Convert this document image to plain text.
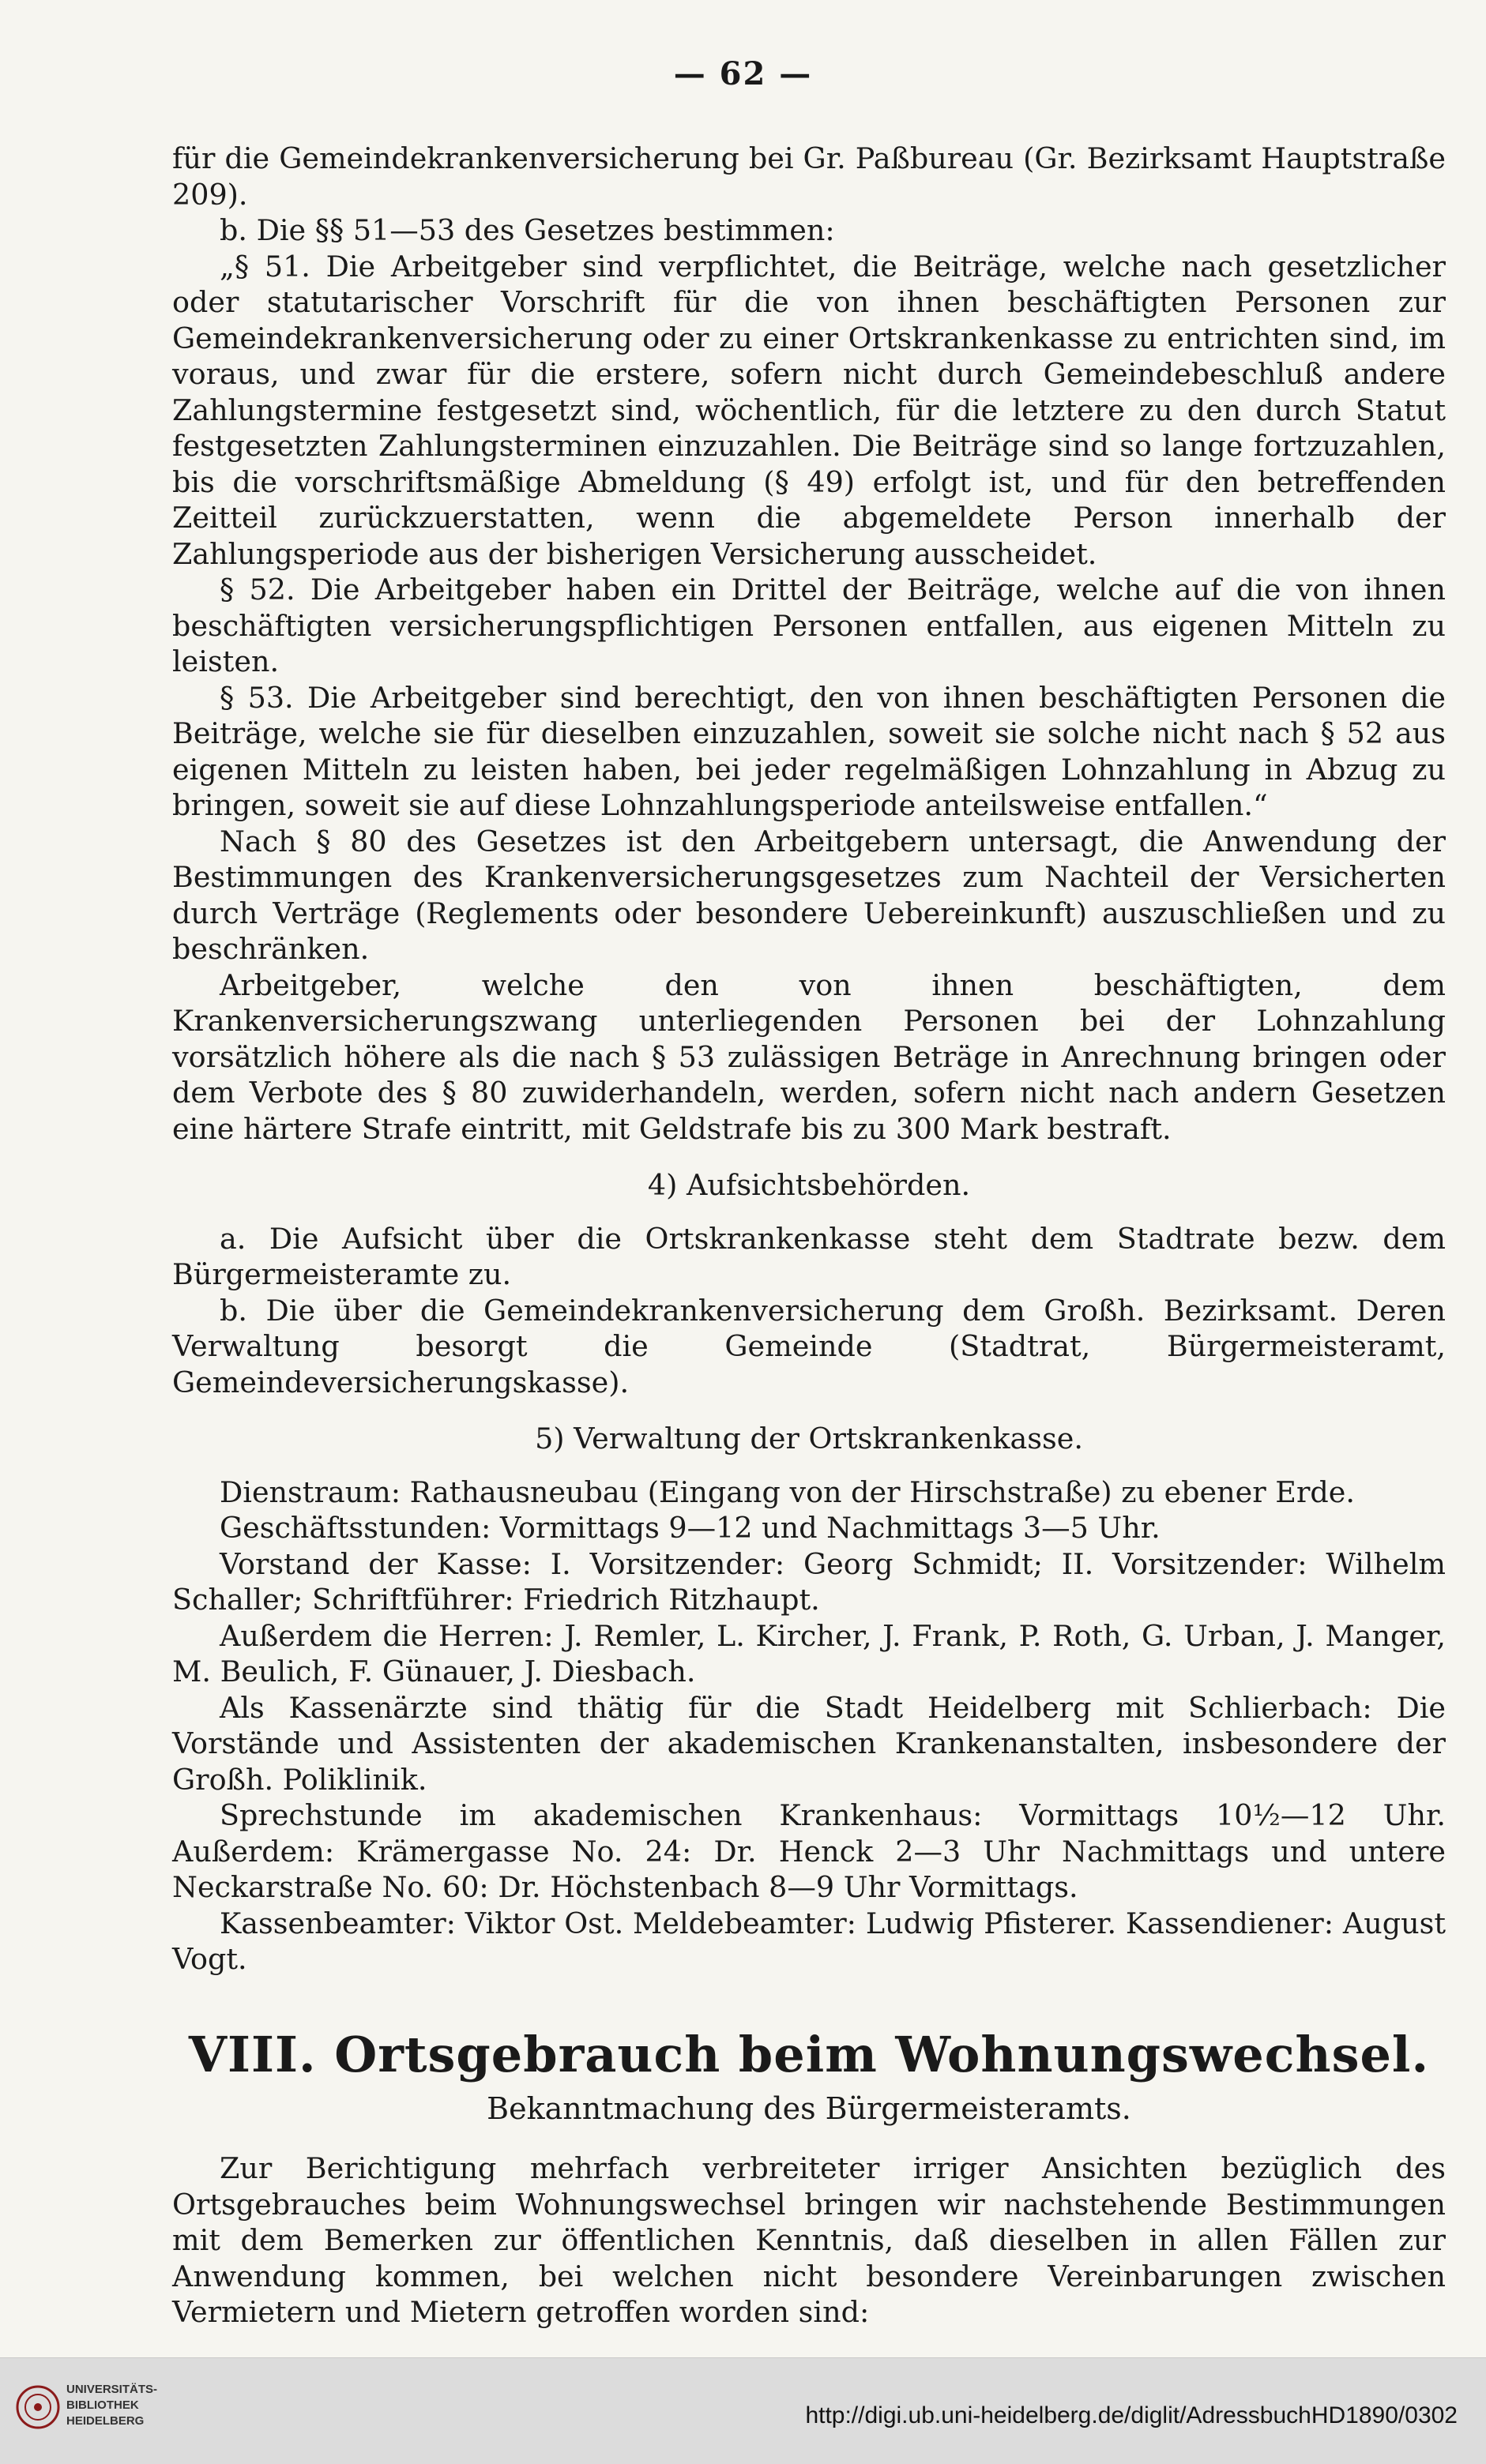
— 62 —

für die Gemeindekrankenversicherung bei Gr. Paßbureau (Gr. Bezirksamt Hauptstraße 209).

b. Die §§ 51—53 des Gesetzes bestimmen:

„§ 51. Die Arbeitgeber sind verpflichtet, die Beiträge, welche nach gesetzlicher oder statutarischer Vorschrift für die von ihnen beschäftigten Personen zur Gemeindekrankenversicherung oder zu einer Ortskrankenkasse zu entrichten sind, im voraus, und zwar für die erstere, sofern nicht durch Gemeindebeschluß andere Zahlungstermine festgesetzt sind, wöchentlich, für die letztere zu den durch Statut festgesetzten Zahlungsterminen einzuzahlen. Die Beiträge sind so lange fortzuzahlen, bis die vorschriftsmäßige Abmeldung (§ 49) erfolgt ist, und für den betreffenden Zeitteil zurückzuerstatten, wenn die abgemeldete Person innerhalb der Zahlungsperiode aus der bisherigen Versicherung ausscheidet.

§ 52. Die Arbeitgeber haben ein Drittel der Beiträge, welche auf die von ihnen beschäftigten versicherungspflichtigen Personen entfallen, aus eigenen Mitteln zu leisten.

§ 53. Die Arbeitgeber sind berechtigt, den von ihnen beschäftigten Personen die Beiträge, welche sie für dieselben einzuzahlen, soweit sie solche nicht nach § 52 aus eigenen Mitteln zu leisten haben, bei jeder regelmäßigen Lohnzahlung in Abzug zu bringen, soweit sie auf diese Lohnzahlungsperiode anteilsweise entfallen.“

Nach § 80 des Gesetzes ist den Arbeitgebern untersagt, die Anwendung der Bestimmungen des Krankenversicherungsgesetzes zum Nachteil der Versicherten durch Verträge (Reglements oder besondere Uebereinkunft) auszuschließen und zu beschränken.

Arbeitgeber, welche den von ihnen beschäftigten, dem Krankenversicherungszwang unterliegenden Personen bei der Lohnzahlung vorsätzlich höhere als die nach § 53 zulässigen Beträge in Anrechnung bringen oder dem Verbote des § 80 zuwiderhandeln, werden, sofern nicht nach andern Gesetzen eine härtere Strafe eintritt, mit Geldstrafe bis zu 300 Mark bestraft.

4) Aufsichtsbehörden.

a. Die Aufsicht über die Ortskrankenkasse steht dem Stadtrate bezw. dem Bürgermeisteramte zu.

b. Die über die Gemeindekrankenversicherung dem Großh. Bezirksamt. Deren Verwaltung besorgt die Gemeinde (Stadtrat, Bürgermeisteramt, Gemeindeversicherungskasse).

5) Verwaltung der Ortskrankenkasse.

Dienstraum: Rathausneubau (Eingang von der Hirschstraße) zu ebener Erde.

Geschäftsstunden: Vormittags 9—12 und Nachmittags 3—5 Uhr.

Vorstand der Kasse: I. Vorsitzender: Georg Schmidt; II. Vorsitzender: Wilhelm Schaller; Schriftführer: Friedrich Ritzhaupt.

Außerdem die Herren: J. Remler, L. Kircher, J. Frank, P. Roth, G. Urban, J. Manger, M. Beulich, F. Günauer, J. Diesbach.

Als Kassenärzte sind thätig für die Stadt Heidelberg mit Schlierbach: Die Vorstände und Assistenten der akademischen Krankenanstalten, insbesondere der Großh. Poliklinik.

Sprechstunde im akademischen Krankenhaus: Vormittags 10½—12 Uhr. Außerdem: Krämergasse No. 24: Dr. Henck 2—3 Uhr Nachmittags und untere Neckarstraße No. 60: Dr. Höchstenbach 8—9 Uhr Vormittags.

Kassenbeamter: Viktor Ost. Meldebeamter: Ludwig Pfisterer. Kassendiener: August Vogt.

VIII. Ortsgebrauch beim Wohnungswechsel.

Bekanntmachung des Bürgermeisteramts.

Zur Berichtigung mehrfach verbreiteter irriger Ansichten bezüglich des Ortsgebrauches beim Wohnungswechsel bringen wir nachstehende Bestimmungen mit dem Bemerken zur öffentlichen Kenntnis, daß dieselben in allen Fällen zur Anwendung kommen, bei welchen nicht besondere Vereinbarungen zwischen Vermietern und Mietern getroffen worden sind:

UNIVERSITÄTS-
BIBLIOTHEK
HEIDELBERG	http://digi.ub.uni-heidelberg.de/diglit/AdressbuchHD1890/0302
